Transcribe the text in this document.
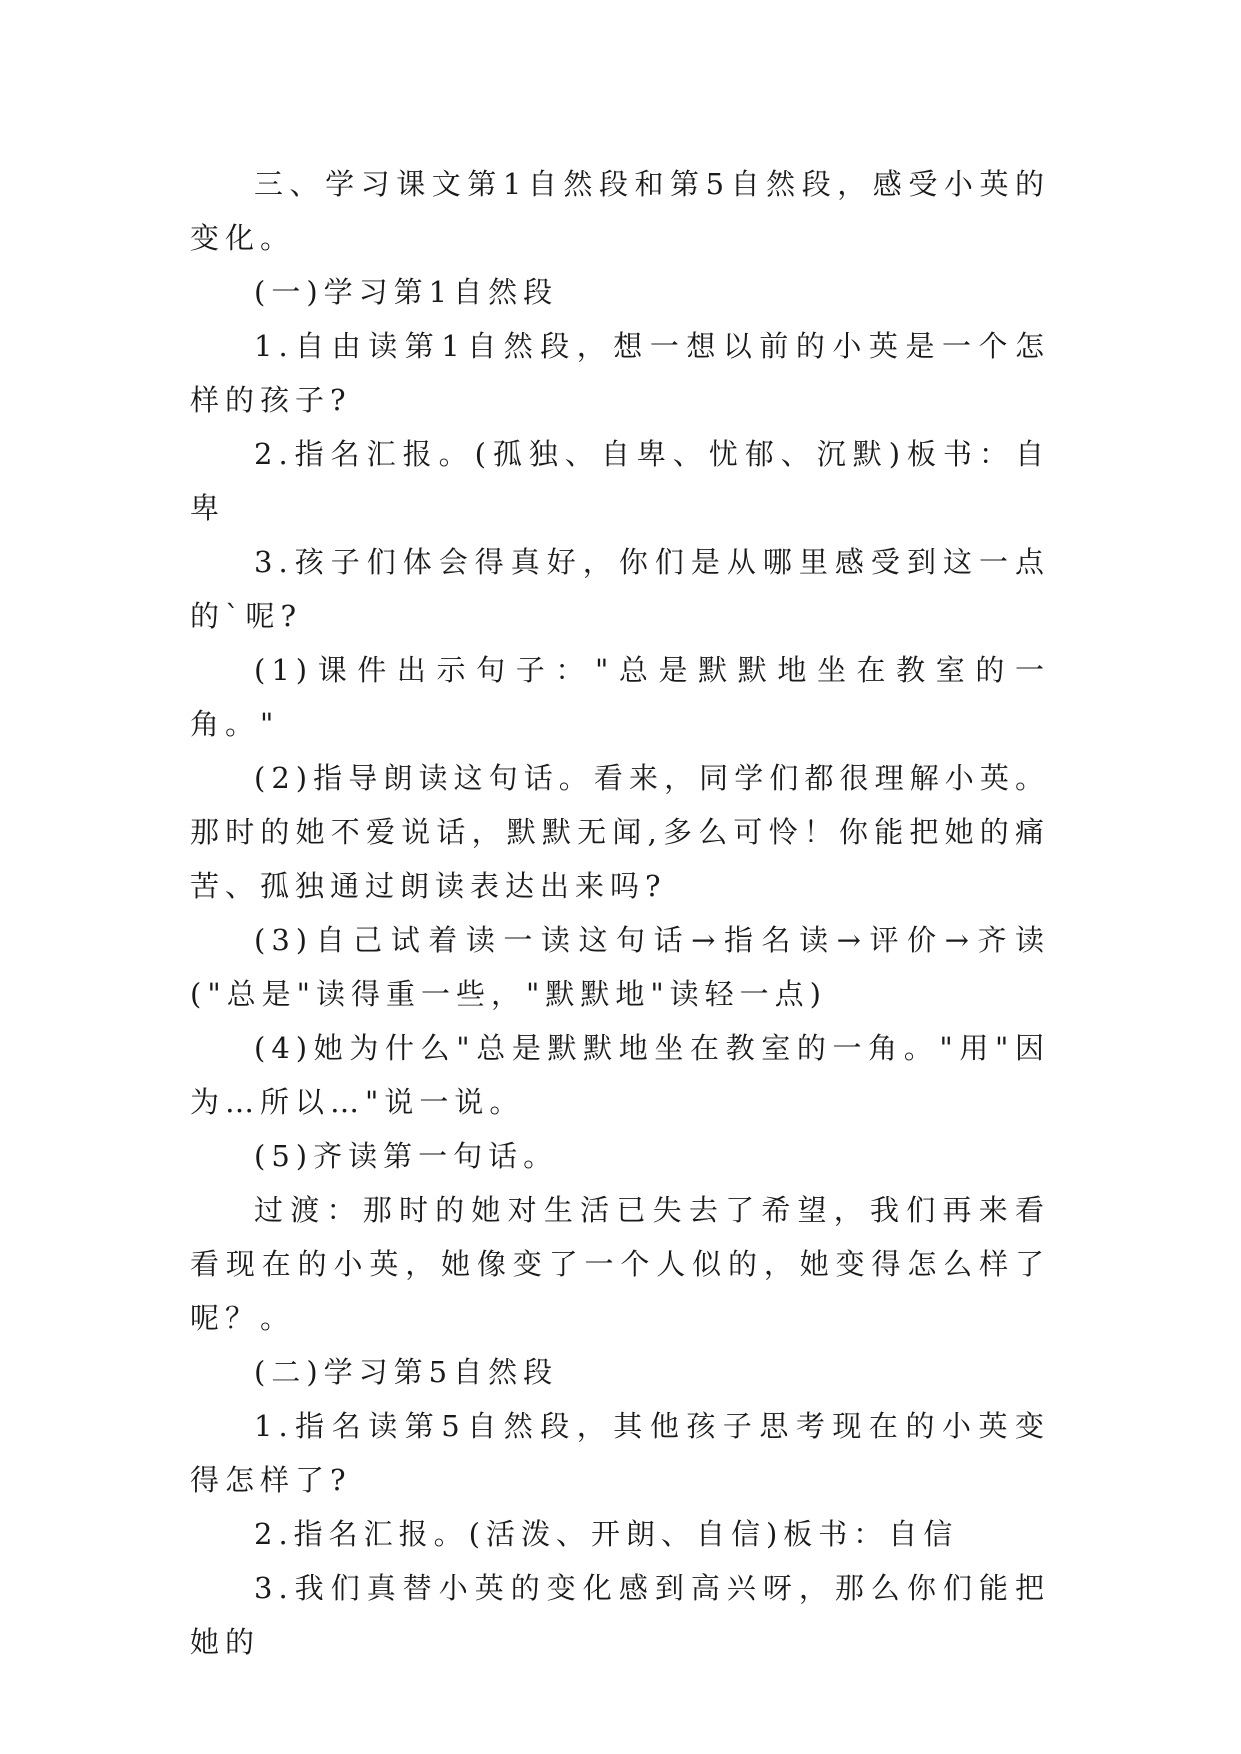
三、学习课文第1自然段和第5自然段，感受小英的变化。

(一)学习第1自然段

1.自由读第1自然段，想一想以前的小英是一个怎样的孩子?

2.指名汇报。(孤独、自卑、忧郁、沉默)板书：自卑

3.孩子们体会得真好，你们是从哪里感受到这一点的`呢?

(1)课件出示句子："总是默默地坐在教室的一角。"

(2)指导朗读这句话。看来，同学们都很理解小英。那时的她不爱说话，默默无闻,多么可怜！你能把她的痛苦、孤独通过朗读表达出来吗?

(3)自己试着读一读这句话→指名读→评价→齐读("总是"读得重一些，"默默地"读轻一点)

(4)她为什么"总是默默地坐在教室的一角。"用"因为…所以…"说一说。

(5)齐读第一句话。

过渡：那时的她对生活已失去了希望，我们再来看看现在的小英，她像变了一个人似的，她变得怎么样了呢？。

(二)学习第5自然段

1.指名读第5自然段，其他孩子思考现在的小英变得怎样了?

2.指名汇报。(活泼、开朗、自信)板书：自信

3.我们真替小英的变化感到高兴呀，那么你们能把她的
